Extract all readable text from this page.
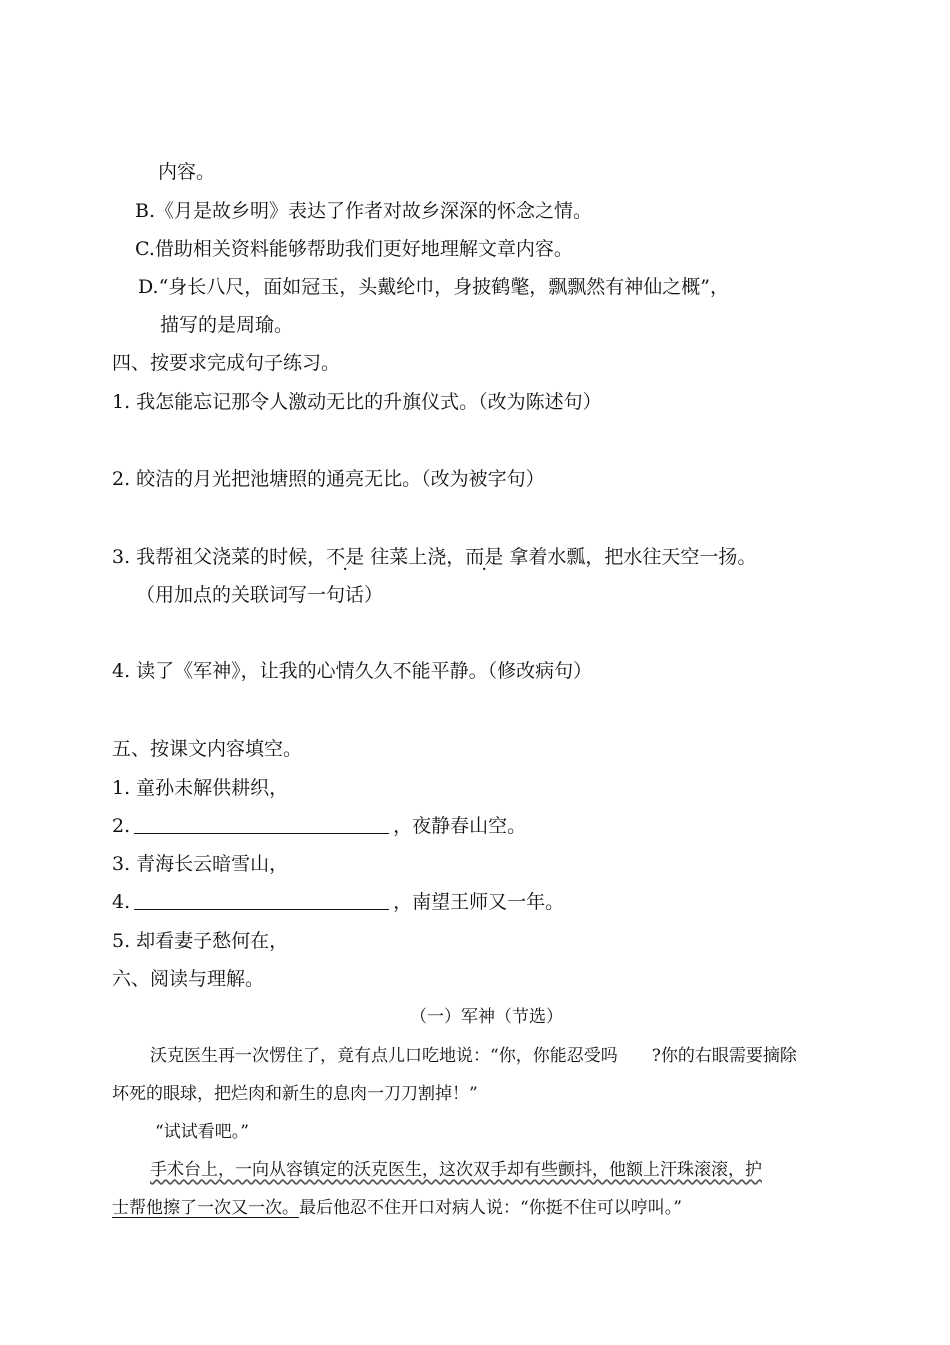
内容。
B.《月是故乡明》表达了作者对故乡深深的怀念之情。
C.借助相关资料能够帮助我们更好地理解文章内容。
D.“身长八尺，面如冠玉，头戴纶巾，身披鹤氅，飘飘然有神仙之概”，
描写的是周瑜。
四、按要求完成句子练习。
1. 我怎能忘记那令人激动无比的升旗仪式。（改为陈述句）
2. 皎洁的月光把池塘照的通亮无比。（改为被字句）
3. 我帮祖父浇菜的时候，不是 往菜上浇，而是 拿着水瓢，把水往天空一扬。
（用加点的关联词写一句话）
4. 读了《军神》，让我的心情久久不能平静。（修改病句）
五、按课文内容填空。
1. 童孙未解供耕织，
2.	，夜静春山空。
3. 青海长云暗雪山，
4.	，南望王师又一年。
5. 却看妻子愁何在，
六、阅读与理解。
（一）军神（节选）
沃克医生再一次愣住了，竟有点儿口吃地说：“你，你能忍受吗 ?你的右眼需要摘除
坏死的眼球，把烂肉和新生的息肉一刀刀割掉！”
“试试看吧。”
手术台上，一向从容镇定的沃克医生，这次双手却有些颤抖，他额上汗珠滚滚，护
士帮他擦了一次又一次。最后他忍不住开口对病人说：“你挺不住可以哼叫。”
